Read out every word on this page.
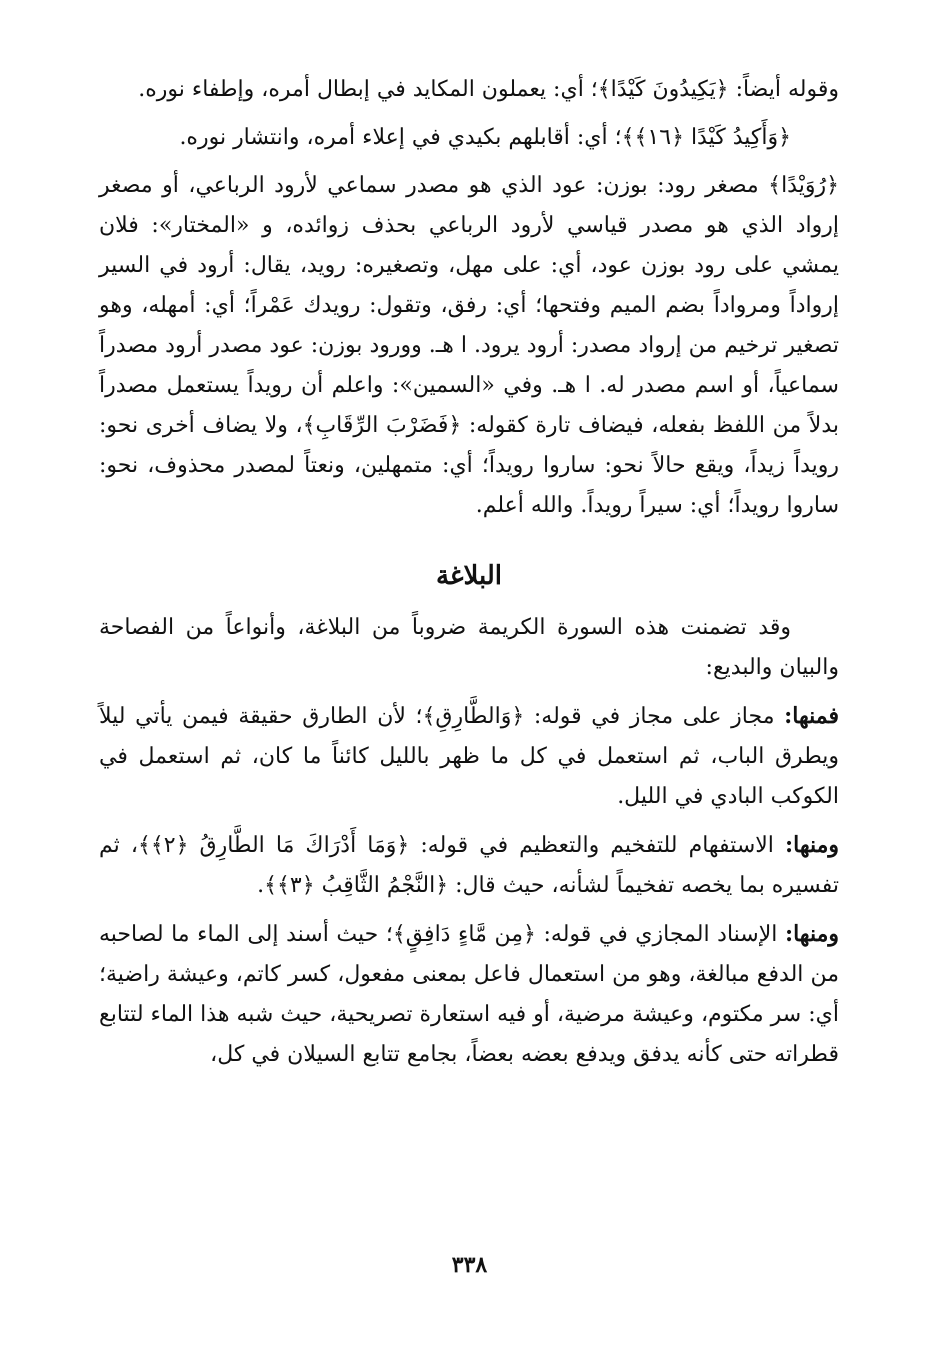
وقوله أيضاً: ﴿يَكِيدُونَ كَيْدًا﴾؛ أي: يعملون المكايد في إبطال أمره، وإطفاء نوره.

﴿وَأَكِيدُ كَيْدًا ﴿١٦﴾﴾؛ أي: أقابلهم بكيدي في إعلاء أمره، وانتشار نوره.

﴿رُوَيْدًا﴾ مصغر رود: بوزن: عود الذي هو مصدر سماعي لأرود الرباعي، أو مصغر إرواد الذي هو مصدر قياسي لأرود الرباعي بحذف زوائده، و «المختار»: فلان يمشي على رود بوزن عود، أي: على مهل، وتصغيره: رويد، يقال: أرود في السير إرواداً ومرواداً بضم الميم وفتحها؛ أي: رفق، وتقول: رويدك عَمْراً؛ أي: أمهله، وهو تصغير ترخيم من إرواد مصدر: أرود يرود. ا هـ. وورود بوزن: عود مصدر أرود مصدراً سماعياً، أو اسم مصدر له. ا هـ. وفي «السمين»: واعلم أن رويداً يستعمل مصدراً بدلاً من اللفظ بفعله، فيضاف تارة كقوله: ﴿فَضَرْبَ الرِّقَابِ﴾، ولا يضاف أخرى نحو: رويداً زيداً، ويقع حالاً نحو: ساروا رويداً؛ أي: متمهلين، ونعتاً لمصدر محذوف، نحو: ساروا رويداً؛ أي: سيراً رويداً. والله أعلم.

البلاغة

وقد تضمنت هذه السورة الكريمة ضروباً من البلاغة، وأنواعاً من الفصاحة والبيان والبديع:

فمنها: مجاز على مجاز في قوله: ﴿وَالطَّارِقِ﴾؛ لأن الطارق حقيقة فيمن يأتي ليلاً ويطرق الباب، ثم استعمل في كل ما ظهر بالليل كائناً ما كان، ثم استعمل في الكوكب البادي في الليل.

ومنها: الاستفهام للتفخيم والتعظيم في قوله: ﴿وَمَا أَدْرَاكَ مَا الطَّارِقُ ﴿٢﴾﴾، ثم تفسيره بما يخصه تفخيماً لشأنه، حيث قال: ﴿النَّجْمُ الثَّاقِبُ ﴿٣﴾﴾.

ومنها: الإسناد المجازي في قوله: ﴿مِن مَّاءٍ دَافِقٍ﴾؛ حيث أسند إلى الماء ما لصاحبه من الدفع مبالغة، وهو من استعمال فاعل بمعنى مفعول، كسر كاتم، وعيشة راضية؛ أي: سر مكتوم، وعيشة مرضية، أو فيه استعارة تصريحية، حيث شبه هذا الماء لتتابع قطراته حتى كأنه يدفق ويدفع بعضه بعضاً، بجامع تتابع السيلان في كل،

٣٣٨
